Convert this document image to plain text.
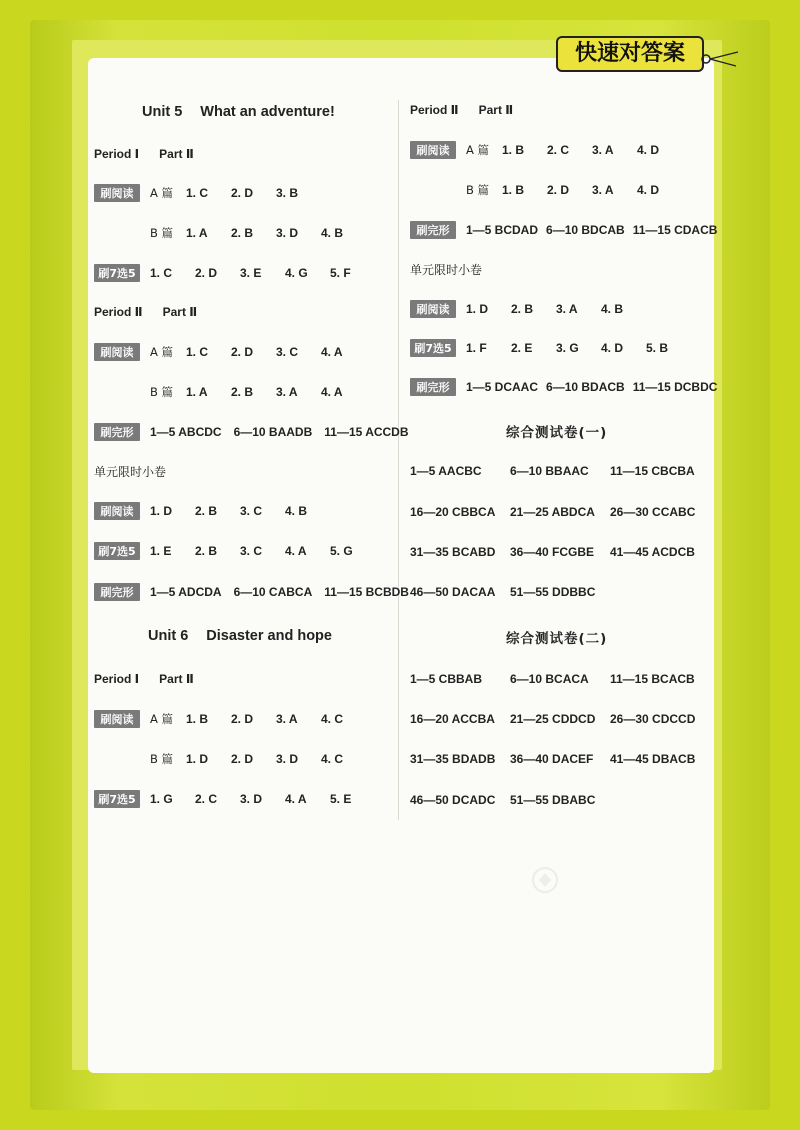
快速对答案
Unit 5 What an adventure!
Period Ⅰ Part Ⅱ
刷阅读	A 篇	1. C	2. D	3. B
B 篇	1. A	2. B	3. D	4. B
刷7选5	1. C	2. D	3. E	4. G	5. F
Period Ⅱ Part Ⅱ
刷阅读	A 篇	1. C	2. D	3. C	4. A
B 篇	1. A	2. B	3. A	4. A
刷完形	1—5 ABCDC 6—10 BAADB 11—15 ACCDB
单元限时小卷
刷阅读	1. D	2. B	3. C	4. B
刷7选5	1. E	2. B	3. C	4. A	5. G
刷完形	1—5 ADCDA 6—10 CABCA 11—15 BCBDB
Unit 6 Disaster and hope
Period Ⅰ Part Ⅱ
刷阅读	A 篇	1. B	2. D	3. A	4. C
B 篇	1. D	2. D	3. D	4. C
刷7选5	1. G	2. C	3. D	4. A	5. E
Period Ⅱ Part Ⅱ
刷阅读	A 篇	1. B	2. C	3. A	4. D
B 篇	1. B	2. D	3. A	4. D
刷完形	1—5 BCDAD 6—10 BDCAB 11—15 CDACB
单元限时小卷
刷阅读	1. D	2. B	3. A	4. B
刷7选5	1. F	2. E	3. G	4. D	5. B
刷完形	1—5 DCAAC 6—10 BDACB 11—15 DCBDC
综合测试卷(一)
1—5 AACBC	6—10 BBAAC	11—15 CBCBA
16—20 CBBCA	21—25 ABDCA	26—30 CCABC
31—35 BCABD	36—40 FCGBE	41—45 ACDCB
46—50 DACAA	51—55 DDBBC
综合测试卷(二)
1—5 CBBAB	6—10 BCACA	11—15 BCACB
16—20 ACCBA	21—25 CDDCD	26—30 CDCCD
31—35 BDADB	36—40 DACEF	41—45 DBACB
46—50 DCADC	51—55 DBABC
